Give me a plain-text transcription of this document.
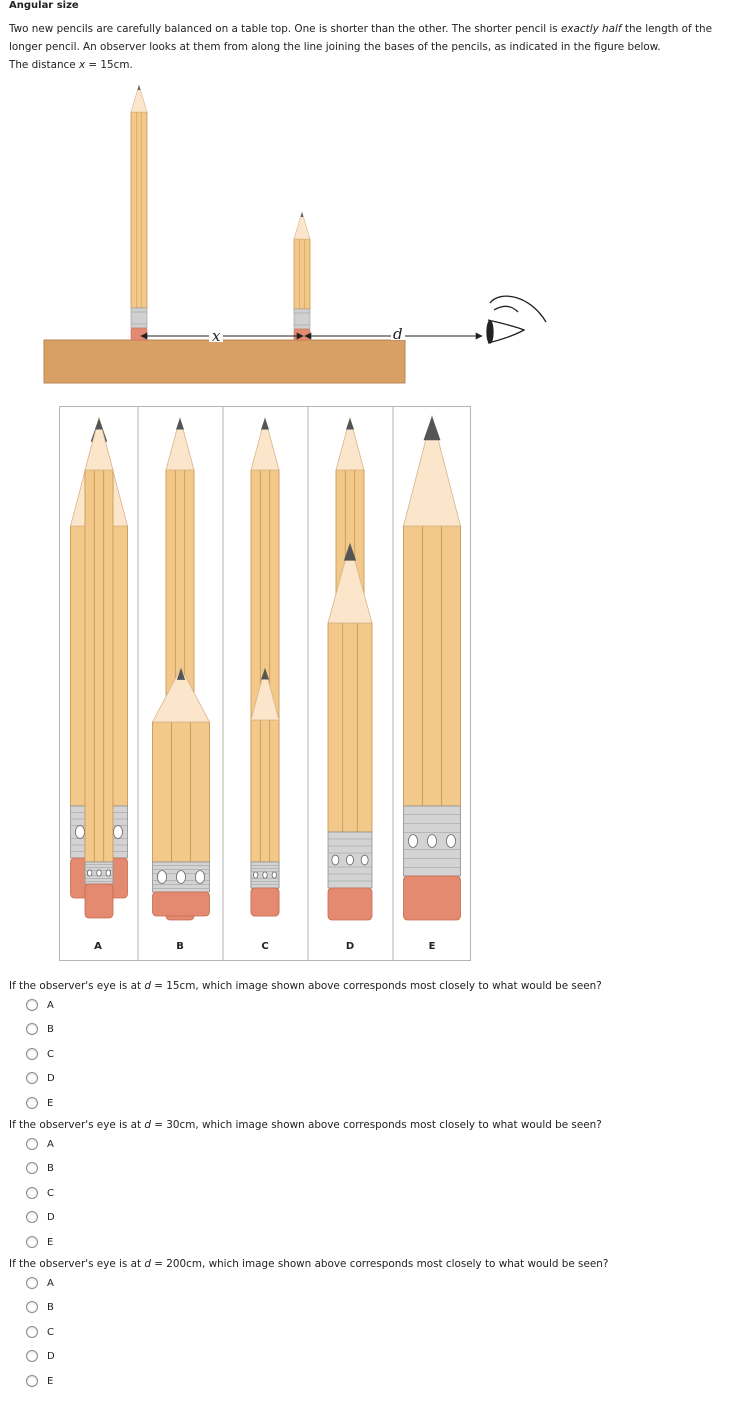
Angular size
Two new pencils are carefully balanced on a table top. One is shorter than the other. The shorter pencil is exactly half the length of the longer pencil. An observer looks at them from along the line joining the bases of the pencils, as indicated in the figure below.
The distance x = 15cm.
x	d
A	B	C	D	E
If the observer's eye is at d = 15cm, which image shown above corresponds most closely to what would be seen?
A
B
C
D
E
If the observer's eye is at d = 30cm, which image shown above corresponds most closely to what would be seen?
A
B
C
D
E
If the observer's eye is at d = 200cm, which image shown above corresponds most closely to what would be seen?
A
B
C
D
E
